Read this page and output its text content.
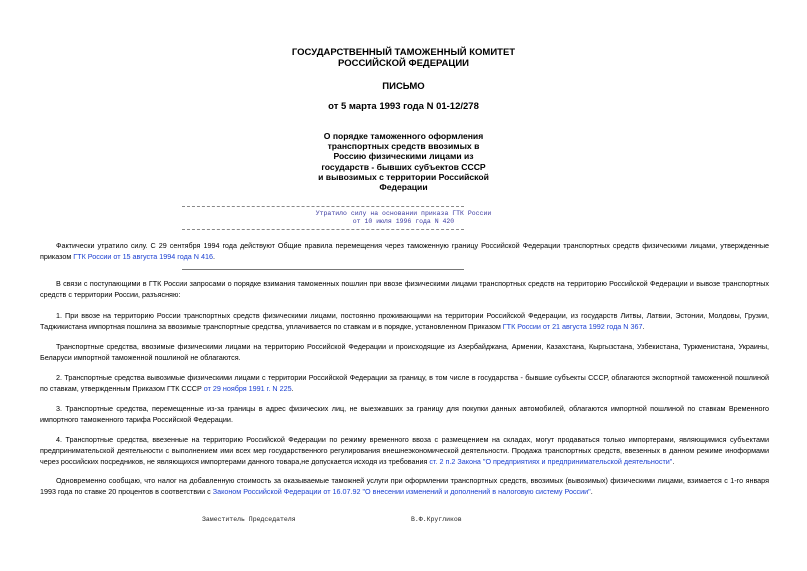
ГОСУДАРСТВЕННЫЙ ТАМОЖЕННЫЙ КОМИТЕТ
РОССИЙСКОЙ ФЕДЕРАЦИИ
ПИСЬМО
от 5 марта 1993 года N 01-12/278
О порядке таможенного оформления
транспортных средств ввозимых в
Россию физическими лицами из
государств - бывших субъектов СССР
и вывозимых с территории Российской
Федерации
Утратило силу на основании приказа ГТК России
от 10 июля 1996 года N 420
Фактически утратило силу. С 29 сентября 1994 года действуют Общие правила перемещения через таможенную границу Российской Федерации транспортных средств физическими лицами, утвержденные приказом ГТК России от 15 августа 1994 года N 416.
В связи с поступающими в ГТК России запросами о порядке взимания таможенных пошлин при ввозе физическими лицами транспортных средств на территорию Российской Федерации и вывозе транспортных средств с территории России, разъясняю:
1. При ввозе на территорию России транспортных средств физическими лицами, постоянно проживающими на территории Российской Федерации, из государств Литвы, Латвии, Эстонии, Молдовы, Грузии, Таджикистана импортная пошлина за ввозимые транспортные средства, уплачивается по ставкам и в порядке, установленном Приказом ГТК России от 21 августа 1992 года N 367.
Транспортные средства, ввозимые физическими лицами на территорию Российской Федерации и происходящие из Азербайджана, Армении, Казахстана, Кыргызстана, Узбекистана, Туркменистана, Украины, Беларуси импортной таможенной пошлиной не облагаются.
2. Транспортные средства вывозимые физическими лицами с территории Российской Федерации за границу, в том числе в государства - бывшие субъекты СССР, облагаются экспортной таможенной пошлиной по ставкам, утвержденным Приказом ГТК СССР от 29 ноября 1991 г. N 225.
3. Транспортные средства, перемещенные из-за границы в адрес физических лиц, не выезжавших за границу для покупки данных автомобилей, облагаются импортной пошлиной по ставкам Временного импортного таможенного тарифа Российской Федерации.
4. Транспортные средства, ввезенные на территорию Российской Федерации по режиму временного ввоза с размещением на складах, могут продаваться только импортерами, являющимися субъектами предпринимательской деятельности с выполнением ими всех мер государственного регулирования внешнеэкономической деятельности. Продажа транспортных средств, ввезенных в данном режиме иноформами через российских посредников, не являющихся импортерами данного товара,не допускается исходя из требования ст. 2 п.2 Закона "О предприятиях и предпринимательской деятельности".
Одновременно сообщаю, что налог на добавленную стоимость за оказываемые таможней услуги при оформлении транспортных средств, ввозимых (вывозимых) физическими лицами, взимается с 1-го января 1993 года по ставке 20 процентов в соответствии с Законом Российской Федерации от 16.07.92 "О внесении изменений и дополнений в налоговую систему России".
Заместитель Председателя	В.Ф.Кругликов
